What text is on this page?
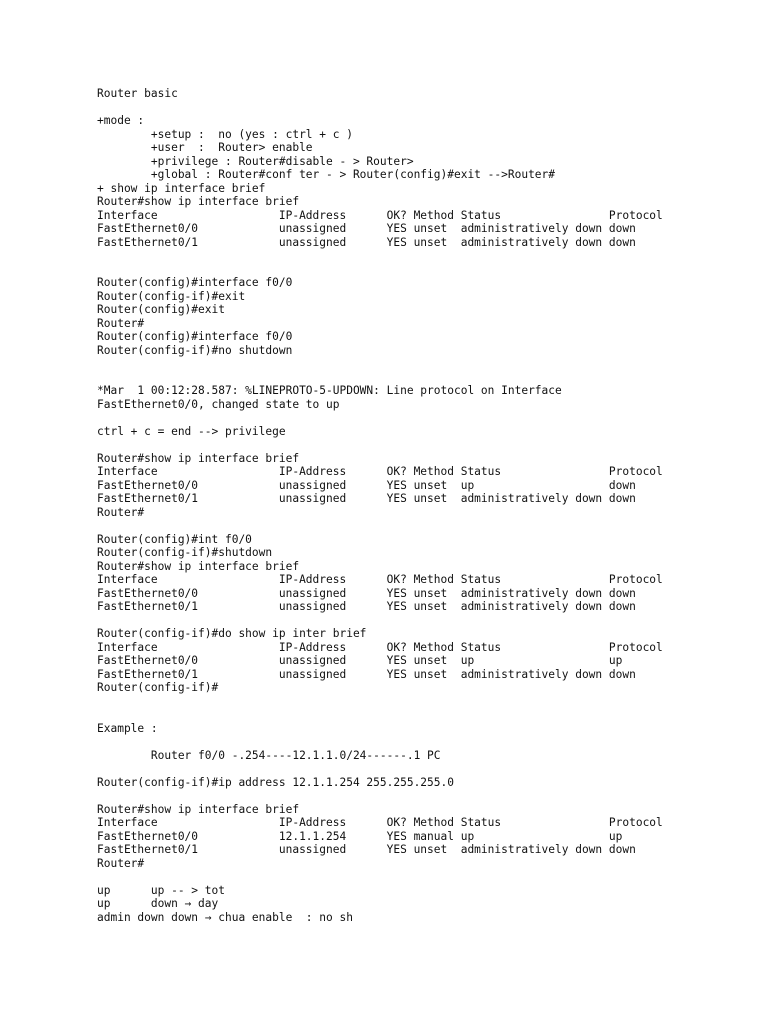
Router basic
+mode :
+setup :  no (yes : ctrl + c )
+user  :  Router> enable
+privilege : Router#disable - > Router>
+global : Router#conf ter - > Router(config)#exit -->Router#
+ show ip interface brief
Router#show ip interface brief
Interface                  IP-Address      OK? Method Status                Protocol
FastEthernet0/0            unassigned      YES unset  administratively down down
FastEthernet0/1            unassigned      YES unset  administratively down down
Router(config)#interface f0/0
Router(config-if)#exit
Router(config)#exit
Router#
Router(config)#interface f0/0
Router(config-if)#no shutdown
*Mar  1 00:12:28.587: %LINEPROTO-5-UPDOWN: Line protocol on Interface
FastEthernet0/0, changed state to up
ctrl + c = end --> privilege
Router#show ip interface brief
Interface                  IP-Address      OK? Method Status                Protocol
FastEthernet0/0            unassigned      YES unset  up                    down
FastEthernet0/1            unassigned      YES unset  administratively down down
Router#
Router(config)#int f0/0
Router(config-if)#shutdown
Router#show ip interface brief
Interface                  IP-Address      OK? Method Status                Protocol
FastEthernet0/0            unassigned      YES unset  administratively down down
FastEthernet0/1            unassigned      YES unset  administratively down down
Router(config-if)#do show ip inter brief
Interface                  IP-Address      OK? Method Status                Protocol
FastEthernet0/0            unassigned      YES unset  up                    up
FastEthernet0/1            unassigned      YES unset  administratively down down
Router(config-if)#
Example :
Router f0/0 -.254----12.1.1.0/24------.1 PC
Router(config-if)#ip address 12.1.1.254 255.255.255.0
Router#show ip interface brief
Interface                  IP-Address      OK? Method Status                Protocol
FastEthernet0/0            12.1.1.254      YES manual up                    up
FastEthernet0/1            unassigned      YES unset  administratively down down
Router#
up      up -- > tot
up      down → day
admin down down → chua enable  : no sh
